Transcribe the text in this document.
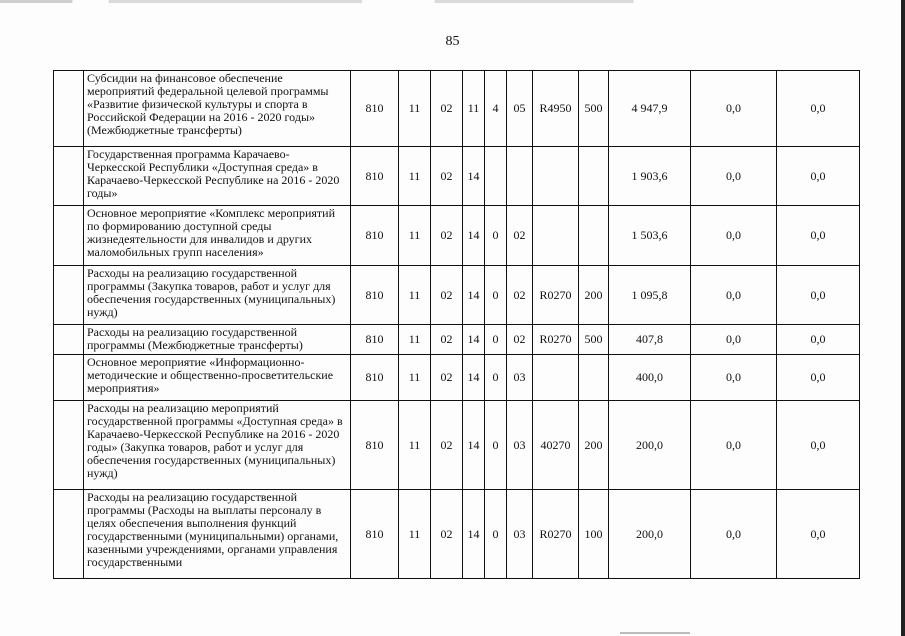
85
	Субсидии на финансовое обеспечение мероприятий федеральной целевой программы «Развитие физической культуры и спорта в Российской Федерации на 2016 - 2020 годы» (Межбюджетные трансферты)	810	11	02	11	4	05	R4950	500	4 947,9	0,0	0,0
	Государственная программа Карачаево-Черкесской Республики «Доступная среда» в Карачаево-Черкесской Республике на 2016 - 2020 годы»	810	11	02	14					1 903,6	0,0	0,0
	Основное мероприятие «Комплекс мероприятий по формированию доступной среды жизнедеятельности для инвалидов и других маломобильных групп населения»	810	11	02	14	0	02			1 503,6	0,0	0,0
	Расходы на реализацию государственной программы (Закупка товаров, работ и услуг для обеспечения государственных (муниципальных) нужд)	810	11	02	14	0	02	R0270	200	1 095,8	0,0	0,0
	Расходы на реализацию государственной программы (Межбюджетные трансферты)	810	11	02	14	0	02	R0270	500	407,8	0,0	0,0
	Основное мероприятие «Информационно-методические и общественно-просветительские мероприятия»	810	11	02	14	0	03			400,0	0,0	0,0
	Расходы на реализацию мероприятий государственной программы «Доступная среда» в Карачаево-Черкесской Республике на 2016 - 2020 годы» (Закупка товаров, работ и услуг для обеспечения государственных (муниципальных) нужд)	810	11	02	14	0	03	40270	200	200,0	0,0	0,0
	Расходы на реализацию государственной программы (Расходы на выплаты персоналу в целях обеспечения выполнения функций государственными (муниципальными) органами, казенными учреждениями, органами управления государственными	810	11	02	14	0	03	R0270	100	200,0	0,0	0,0
